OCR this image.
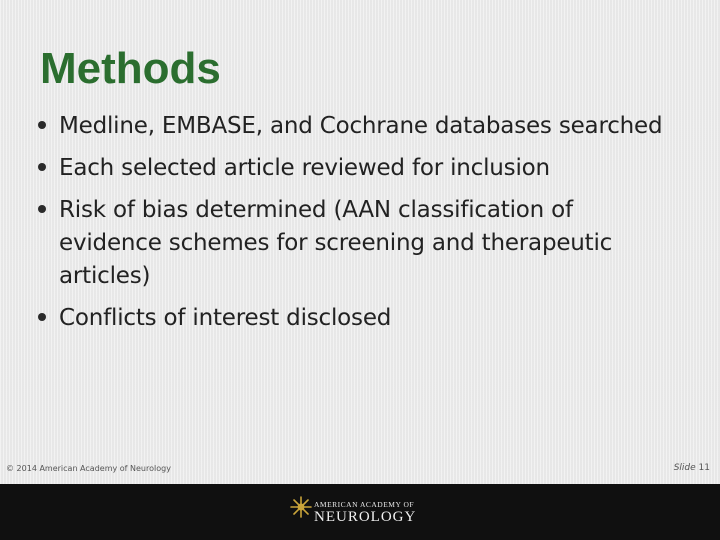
Methods
Medline, EMBASE, and Cochrane databases searched
Each selected article reviewed for inclusion
Risk of bias determined (AAN classification of evidence schemes for screening and therapeutic articles)
Conflicts of interest disclosed
© 2014 American Academy of Neurology	Slide 11
AMERICAN ACADEMY OF
NEUROLOGY
